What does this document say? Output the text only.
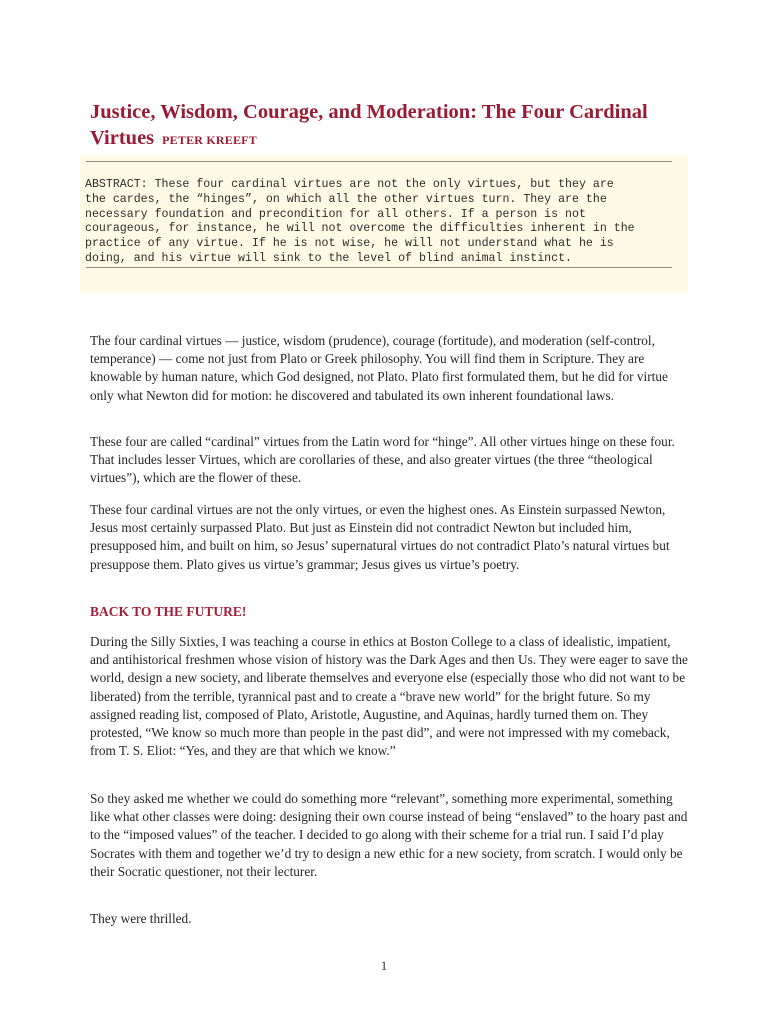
Justice, Wisdom, Courage, and Moderation: The Four Cardinal Virtues PETER KREEFT
ABSTRACT: These four cardinal virtues are not the only virtues, but they are
the cardes, the “hinges”, on which all the other virtues turn. They are the
necessary foundation and precondition for all others. If a person is not
courageous, for instance, he will not overcome the difficulties inherent in the
practice of any virtue. If he is not wise, he will not understand what he is
doing, and his virtue will sink to the level of blind animal instinct.

The four cardinal virtues — justice, wisdom (prudence), courage (fortitude), and moderation (self-control, temperance) — come not just from Plato or Greek philosophy. You will find them in Scripture. They are knowable by human nature, which God designed, not Plato. Plato first formulated them, but he did for virtue only what Newton did for motion: he discovered and tabulated its own inherent foundational laws.

These four are called “cardinal” virtues from the Latin word for “hinge”. All other virtues hinge on these four. That includes lesser Virtues, which are corollaries of these, and also greater virtues (the three “theological virtues”), which are the flower of these.

These four cardinal virtues are not the only virtues, or even the highest ones. As Einstein surpassed Newton, Jesus most certainly surpassed Plato. But just as Einstein did not contradict Newton but included him, presupposed him, and built on him, so Jesus’ supernatural virtues do not contradict Plato’s natural virtues but presuppose them. Plato gives us virtue’s grammar; Jesus gives us virtue’s poetry.

BACK TO THE FUTURE!

During the Silly Sixties, I was teaching a course in ethics at Boston College to a class of idealistic, impatient, and antihistorical freshmen whose vision of history was the Dark Ages and then Us. They were eager to save the world, design a new society, and liberate themselves and everyone else (especially those who did not want to be liberated) from the terrible, tyrannical past and to create a “brave new world” for the bright future. So my assigned reading list, composed of Plato, Aristotle, Augustine, and Aquinas, hardly turned them on. They protested, “We know so much more than people in the past did”, and were not impressed with my comeback, from T. S. Eliot: “Yes, and they are that which we know.”

So they asked me whether we could do something more “relevant”, something more experimental, something like what other classes were doing: designing their own course instead of being “enslaved” to the hoary past and to the “imposed values” of the teacher. I decided to go along with their scheme for a trial run. I said I’d play Socrates with them and together we’d try to design a new ethic for a new society, from scratch. I would only be their Socratic questioner, not their lecturer.

They were thrilled.

1
